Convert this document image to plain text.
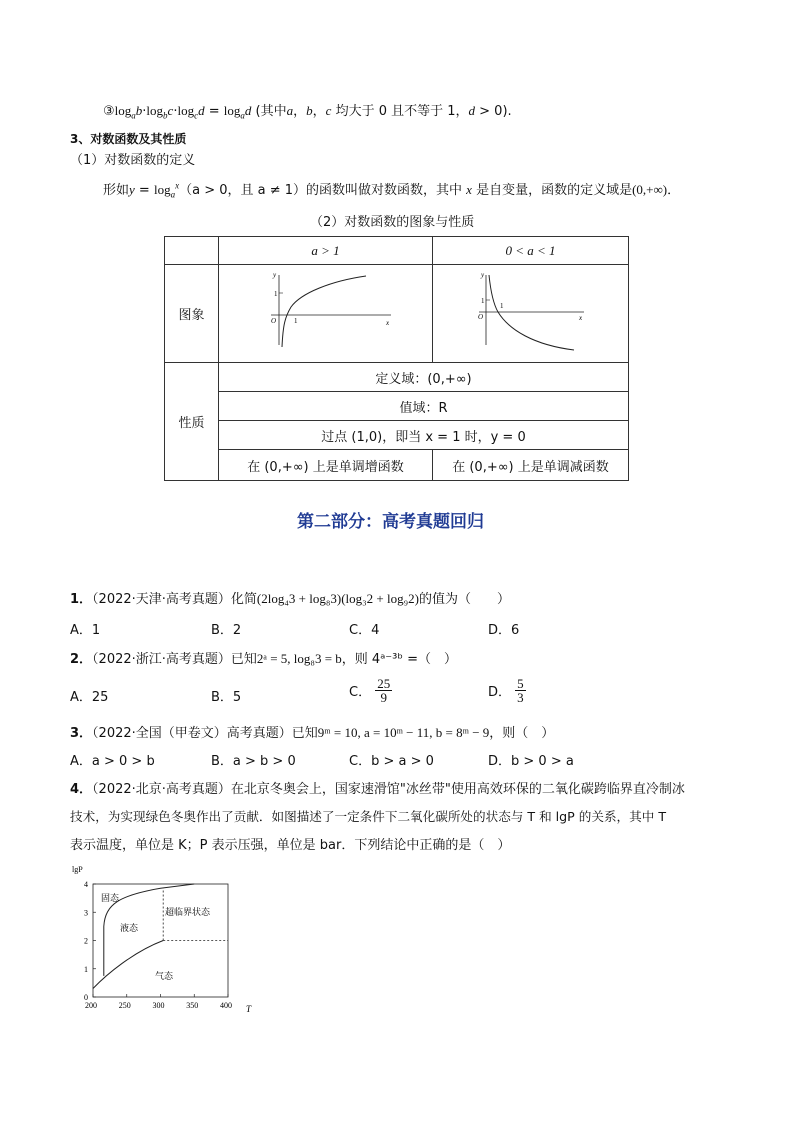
$③\log_ab\cdot\log_bc\cdot\log_cd = \log_ad$ (其中a，b，c 均大于 0 且不等于 1，d > 0).
3、对数函数及其性质
（1）对数函数的定义
形如$y = \log_a^x(a > 0$，且 a ≠ 1）的函数叫做对数函数，其中 x 是自变量，函数的定义域是(0,+∞)．
（2）对数函数的图象与性质
	a > 1	0 < a < 1
图象	y
x
O
1
1	y
x
O
1
1

性质	定义域：(0,+∞)	
	值域：R	
	过点 (1,0)，即当 x = 1 时，y = 0	
	在 (0,+∞) 上是单调增函数	在 (0,+∞) 上是单调减函数
第二部分：高考真题回归
1．（2022·天津·高考真题）化简(2log₄3 + log₈3)(log₃2 + log₉2)的值为（　　）
A．1	B．2	C．4	D．6
2．（2022·浙江·高考真题）已知2ᵃ = 5, log₈3 = b，则 4ᵃ⁻³ᵇ =（　）
A．25	B．5	C． $\frac{25}{9}$	D． $\frac{5}{3}$
3．（2022·全国（甲卷文）高考真题）已知9ᵐ = 10, a = 10ᵐ − 11, b = 8ᵐ − 9，则（　）
A．a > 0 > b	B．a > b > 0	C．b > a > 0	D．b > 0 > a
4．（2022·北京·高考真题）在北京冬奥会上，国家速滑馆"冰丝带"使用高效环保的二氧化碳跨临界直冷制冰
技术，为实现绿色冬奥作出了贡献．如图描述了一定条件下二氧化碳所处的状态与 T 和 lgP 的关系，其中 T
表示温度，单位是 K；P 表示压强，单位是 bar．下列结论中正确的是（　）
200	250	300	350	400
0
1
2
3
4
lgP
T
固态
液态
超临界状态
气态
